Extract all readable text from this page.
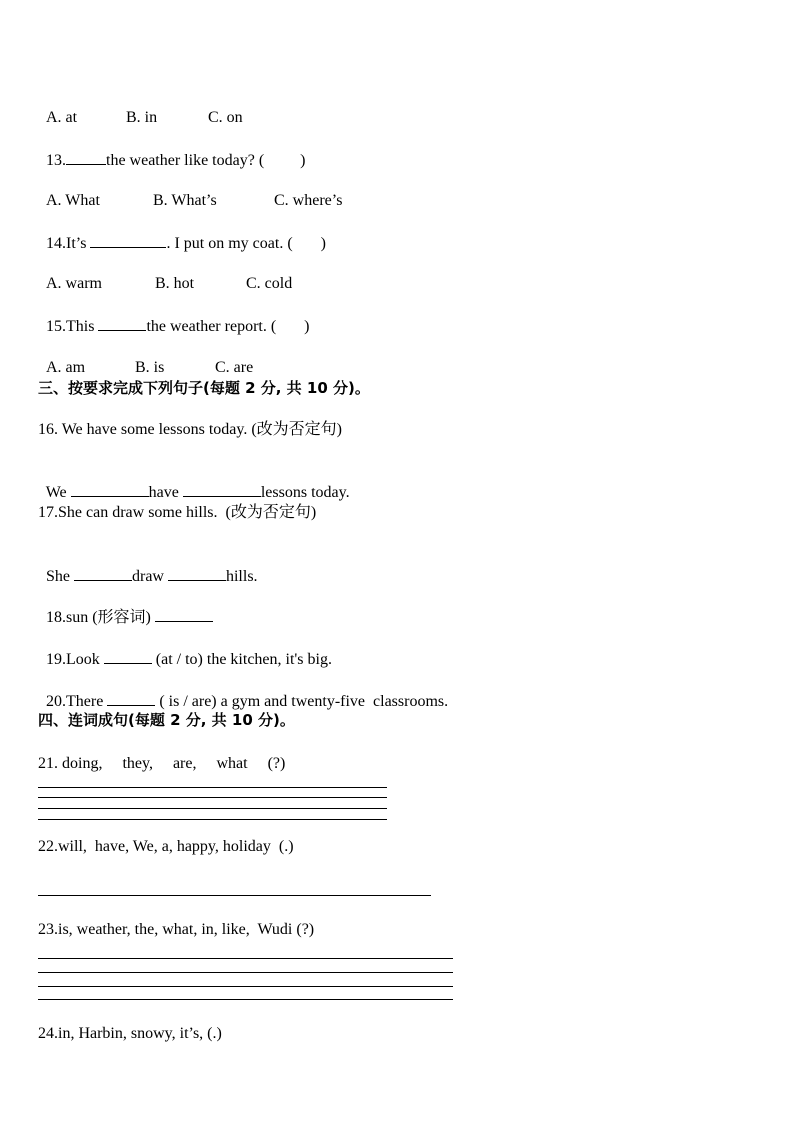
A. at	B. in	C. on

13.	the weather like today? ( )

A. What	B. What’s	C. where’s

14.It’s	. I put on my coat. ( )

A. warm	B. hot	C. cold

15.This	the weather report. ( )

A. am	B. is	C. are

三、按要求完成下列句子(每题 2 分, 共 10 分)。
16. We have some lessons today. (改为否定句)

We	have	lessons today.

17.She can draw some hills.  (改为否定句)

She	draw	hills.

18.sun (形容词)

19.Look	(at / to) the kitchen, it's big.

20.There	( is / are) a gym and twenty-five  classrooms.

四、连词成句(每题 2 分, 共 10 分)。
21. doing,     they,     are,     what     (?)
22.will,  have, We, a, happy, holiday  (.)
23.is, weather, the, what, in, like,  Wudi (?)
24.in, Harbin, snowy, it’s, (.)
